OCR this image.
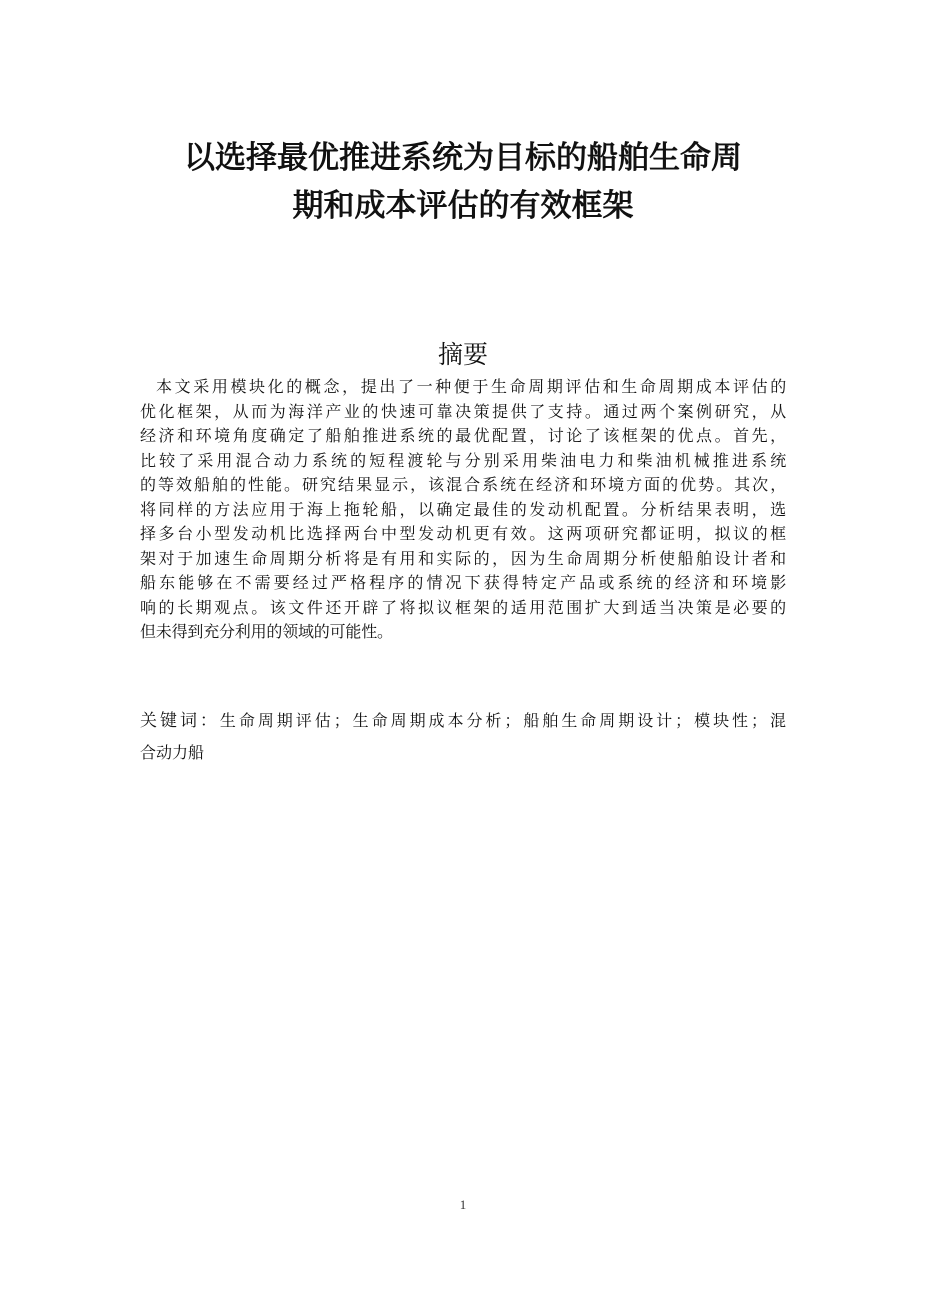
以选择最优推进系统为目标的船舶生命周
期和成本评估的有效框架
摘要

本文采用模块化的概念，提出了一种便于生命周期评估和生命周期成本评估的
优化框架，从而为海洋产业的快速可靠决策提供了支持。通过两个案例研究，从
经济和环境角度确定了船舶推进系统的最优配置，讨论了该框架的优点。首先，
比较了采用混合动力系统的短程渡轮与分别采用柴油电力和柴油机械推进系统
的等效船舶的性能。研究结果显示，该混合系统在经济和环境方面的优势。其次，
将同样的方法应用于海上拖轮船，以确定最佳的发动机配置。分析结果表明，选
择多台小型发动机比选择两台中型发动机更有效。这两项研究都证明，拟议的框
架对于加速生命周期分析将是有用和实际的，因为生命周期分析使船舶设计者和
船东能够在不需要经过严格程序的情况下获得特定产品或系统的经济和环境影
响的长期观点。该文件还开辟了将拟议框架的适用范围扩大到适当决策是必要的
但未得到充分利用的领域的可能性。

关键词：生命周期评估；生命周期成本分析；船舶生命周期设计；模块性；混
合动力船

1
